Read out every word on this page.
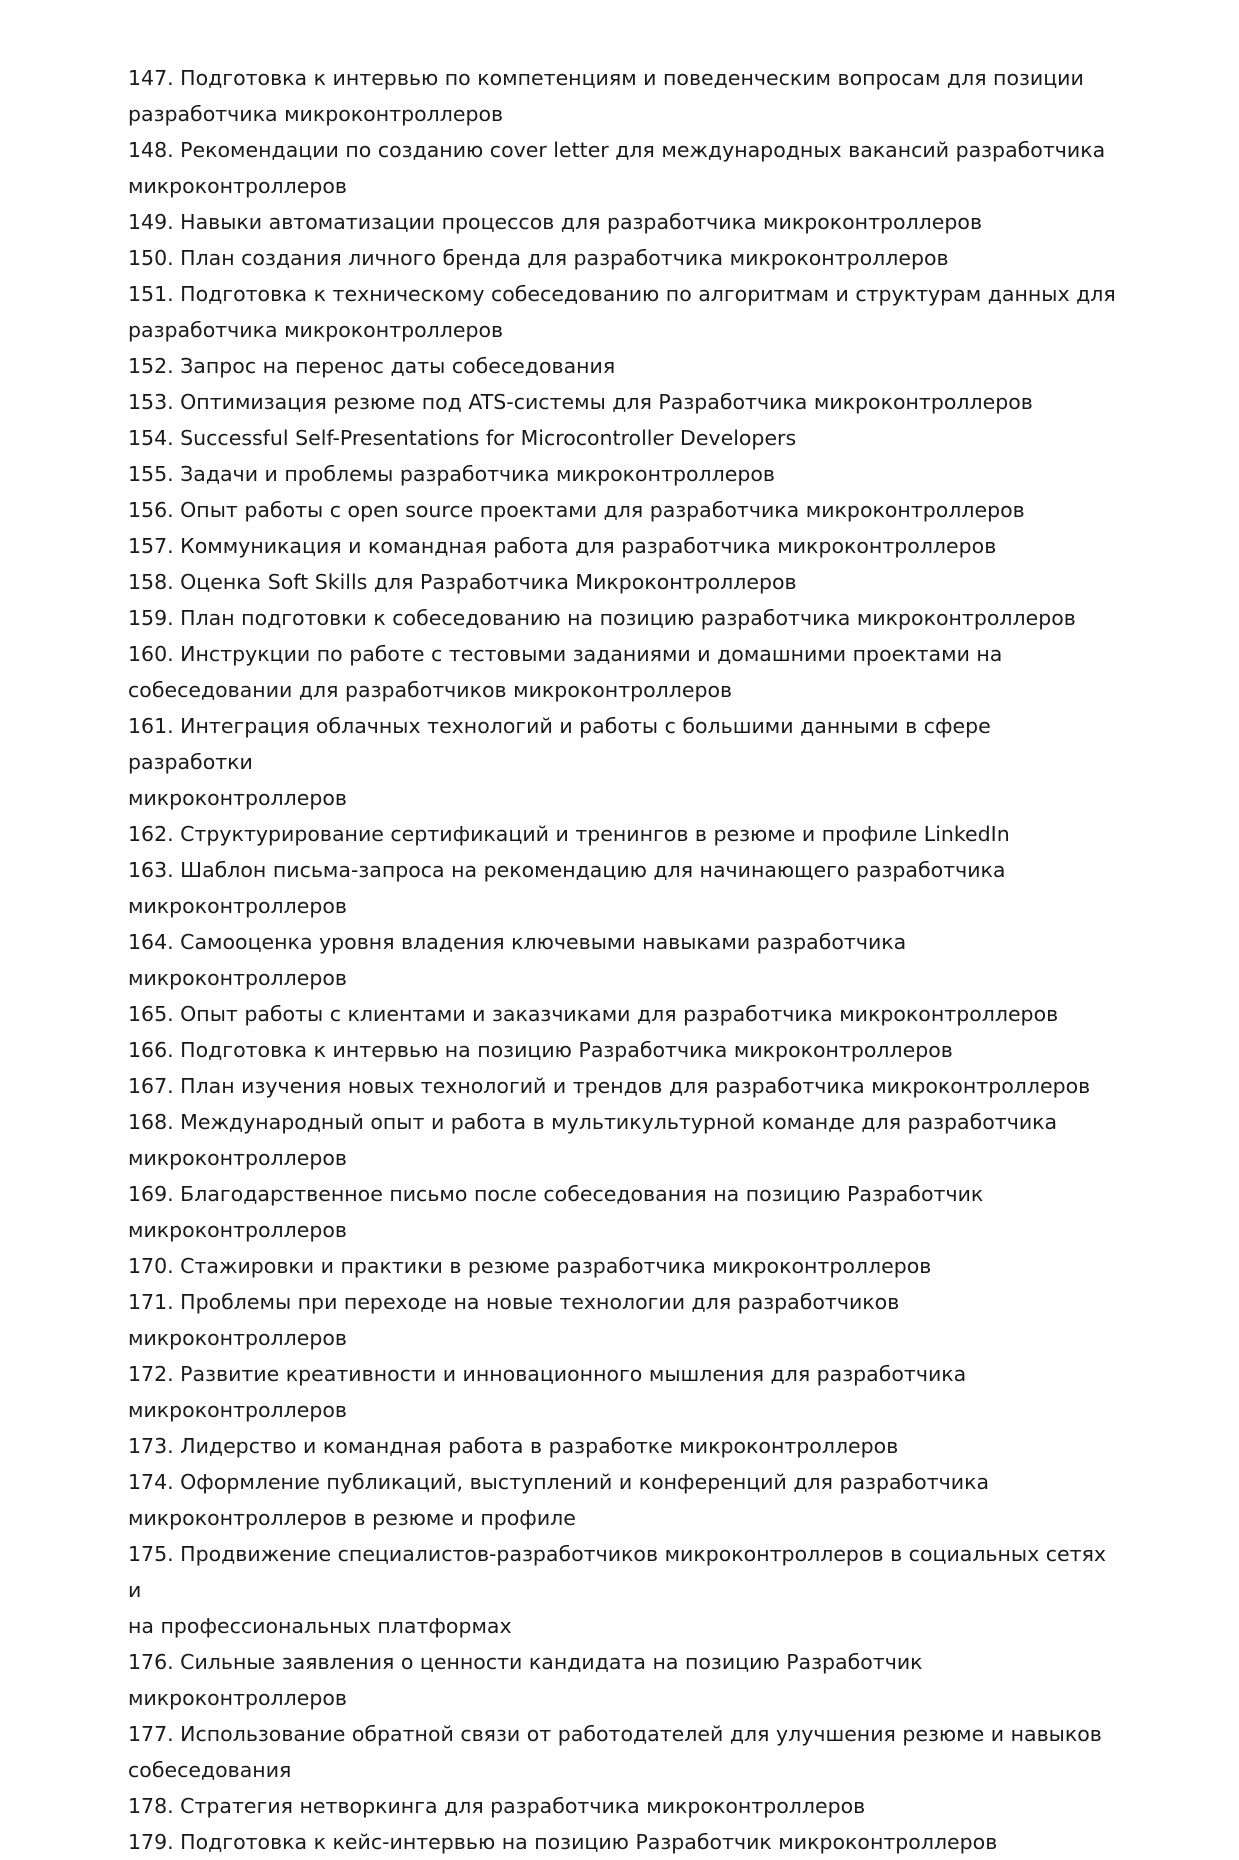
147. Подготовка к интервью по компетенциям и поведенческим вопросам для позиции
разработчика микроконтроллеров

148. Рекомендации по созданию cover letter для международных вакансий разработчика
микроконтроллеров

149. Навыки автоматизации процессов для разработчика микроконтроллеров

150. План создания личного бренда для разработчика микроконтроллеров

151. Подготовка к техническому собеседованию по алгоритмам и структурам данных для
разработчика микроконтроллеров

152. Запрос на перенос даты собеседования

153. Оптимизация резюме под ATS-системы для Разработчика микроконтроллеров

154. Successful Self-Presentations for Microcontroller Developers

155. Задачи и проблемы разработчика микроконтроллеров

156. Опыт работы с open source проектами для разработчика микроконтроллеров

157. Коммуникация и командная работа для разработчика микроконтроллеров

158. Оценка Soft Skills для Разработчика Микроконтроллеров

159. План подготовки к собеседованию на позицию разработчика микроконтроллеров

160. Инструкции по работе с тестовыми заданиями и домашними проектами на
собеседовании для разработчиков микроконтроллеров

161. Интеграция облачных технологий и работы с большими данными в сфере разработки
микроконтроллеров

162. Структурирование сертификаций и тренингов в резюме и профиле LinkedIn

163. Шаблон письма-запроса на рекомендацию для начинающего разработчика
микроконтроллеров

164. Самооценка уровня владения ключевыми навыками разработчика микроконтроллеров

165. Опыт работы с клиентами и заказчиками для разработчика микроконтроллеров

166. Подготовка к интервью на позицию Разработчика микроконтроллеров

167. План изучения новых технологий и трендов для разработчика микроконтроллеров

168. Международный опыт и работа в мультикультурной команде для разработчика
микроконтроллеров

169. Благодарственное письмо после собеседования на позицию Разработчик
микроконтроллеров

170. Стажировки и практики в резюме разработчика микроконтроллеров

171. Проблемы при переходе на новые технологии для разработчиков микроконтроллеров

172. Развитие креативности и инновационного мышления для разработчика
микроконтроллеров

173. Лидерство и командная работа в разработке микроконтроллеров

174. Оформление публикаций, выступлений и конференций для разработчика
микроконтроллеров в резюме и профиле

175. Продвижение специалистов-разработчиков микроконтроллеров в социальных сетях и
на профессиональных платформах

176. Сильные заявления о ценности кандидата на позицию Разработчик микроконтроллеров

177. Использование обратной связи от работодателей для улучшения резюме и навыков
собеседования

178. Стратегия нетворкинга для разработчика микроконтроллеров

179. Подготовка к кейс-интервью на позицию Разработчик микроконтроллеров
